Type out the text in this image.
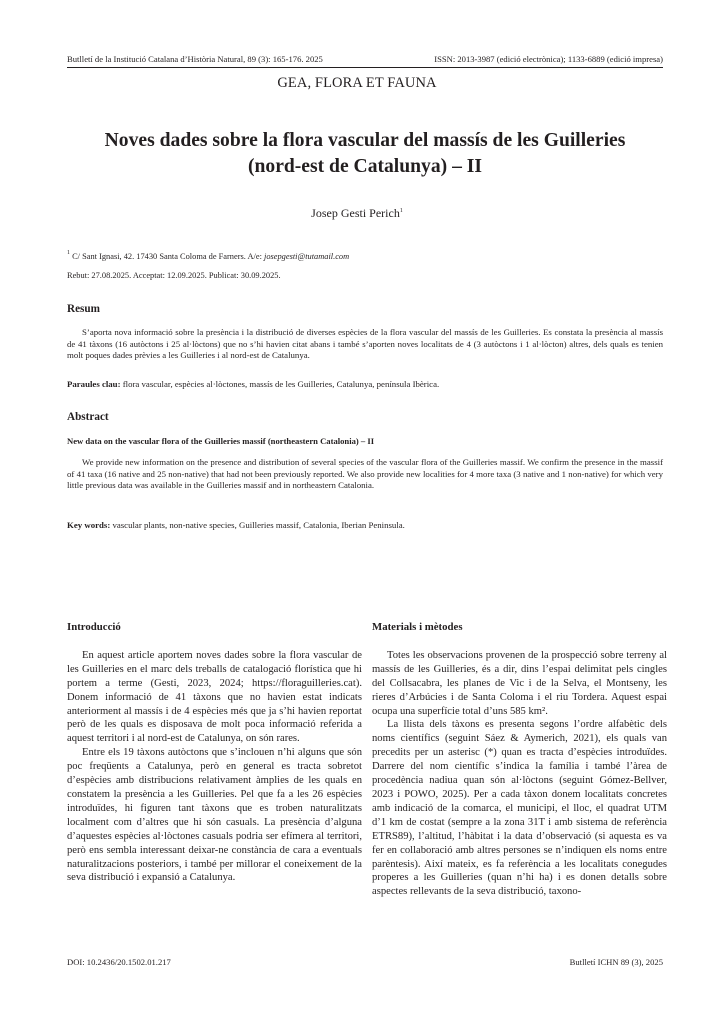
Butlletí de la Institució Catalana d’Història Natural, 89 (3): 165-176. 2025	ISSN: 2013-3987 (edició electrònica); 1133-6889 (edició impresa)
GEA, FLORA ET FAUNA
Noves dades sobre la flora vascular del massís de les Guilleries
(nord-est de Catalunya) – II
Josep Gesti Perich$^1$
$^1$ C/ Sant Ignasi, 42. 17430 Santa Coloma de Farners. A/e: josepgesti@tutamail.com
Rebut: 27.08.2025. Acceptat: 12.09.2025. Publicat: 30.09.2025.
Resum
S’aporta nova informació sobre la presència i la distribució de diverses espècies de la flora vascular del massís de les Guilleries. Es constata la presència al massís de 41 tàxons (16 autòctons i 25 al·lòctons) que no s’hi havien citat abans i també s’aporten noves localitats de 4 (3 autòctons i 1 al·lòcton) altres, dels quals es tenien molt poques dades prèvies a les Guilleries i al nord-est de Catalunya.
Paraules clau: flora vascular, espècies al·lòctones, massís de les Guilleries, Catalunya, península Ibèrica.
Abstract
New data on the vascular flora of the Guilleries massif (northeastern Catalonia) – II
We provide new information on the presence and distribution of several species of the vascular flora of the Guilleries massif. We confirm the presence in the massif of 41 taxa (16 native and 25 non-native) that had not been previously reported. We also provide new localities for 4 more taxa (3 native and 1 non-native) for which very little previous data was available in the Guilleries massif and in northeastern Catalonia.
Key words: vascular plants, non-native species, Guilleries massif, Catalonia, Iberian Peninsula.
Introducció

En aquest article aportem noves dades sobre la flora vascular de les Guilleries en el marc dels treballs de catalogació florística que hi portem a terme (Gesti, 2023, 2024; https://floraguilleries.cat). Donem informació de 41 tàxons que no havien estat indicats anteriorment al massís i de 4 espècies més que ja s’hi havien reportat però de les quals es disposava de molt poca informació referida a aquest territori i al nord-est de Catalunya, on són rares.

Entre els 19 tàxons autòctons que s’inclouen n’hi alguns que són poc freqüents a Catalunya, però en general es tracta sobretot d’espècies amb distribucions relativament àmplies de les quals en constatem la presència a les Guilleries. Pel que fa a les 26 espècies introduïdes, hi figuren tant tàxons que es troben naturalitzats localment com d’altres que hi són casuals. La presència d’alguna d’aquestes espècies al·lòctones casuals podria ser efímera al territori, però ens sembla interessant deixar-ne constància de cara a eventuals naturalitzacions posteriors, i també per millorar el coneixement de la seva distribució i expansió a Catalunya.

Materials i mètodes

Totes les observacions provenen de la prospecció sobre terreny al massís de les Guilleries, és a dir, dins l’espai delimitat pels cingles del Collsacabra, les planes de Vic i de la Selva, el Montseny, les rieres d’Arbúcies i de Santa Coloma i el riu Tordera. Aquest espai ocupa una superfície total d’uns 585 km².

La llista dels tàxons es presenta segons l’ordre alfabètic dels noms científics (seguint Sáez & Aymerich, 2021), els quals van precedits per un asterisc (*) quan es tracta d’espècies introduïdes. Darrere del nom científic s’indica la família i també l’àrea de procedència nadiua quan són al·lòctons (seguint Gómez-Bellver, 2023 i POWO, 2025). Per a cada tàxon donem localitats concretes amb indicació de la comarca, el municipi, el lloc, el quadrat UTM d’1 km de costat (sempre a la zona 31T i amb sistema de referència ETRS89), l’altitud, l’hàbitat i la data d’observació (si aquesta es va fer en collaboració amb altres persones se n’indiquen els noms entre parèntesis). Així mateix, es fa referència a les localitats conegudes properes a les Guilleries (quan n’hi ha) i es donen detalls sobre aspectes rellevants de la seva distribució, taxono-

DOI: 10.2436/20.1502.01.217	Butlletí ICHN 89 (3), 2025
